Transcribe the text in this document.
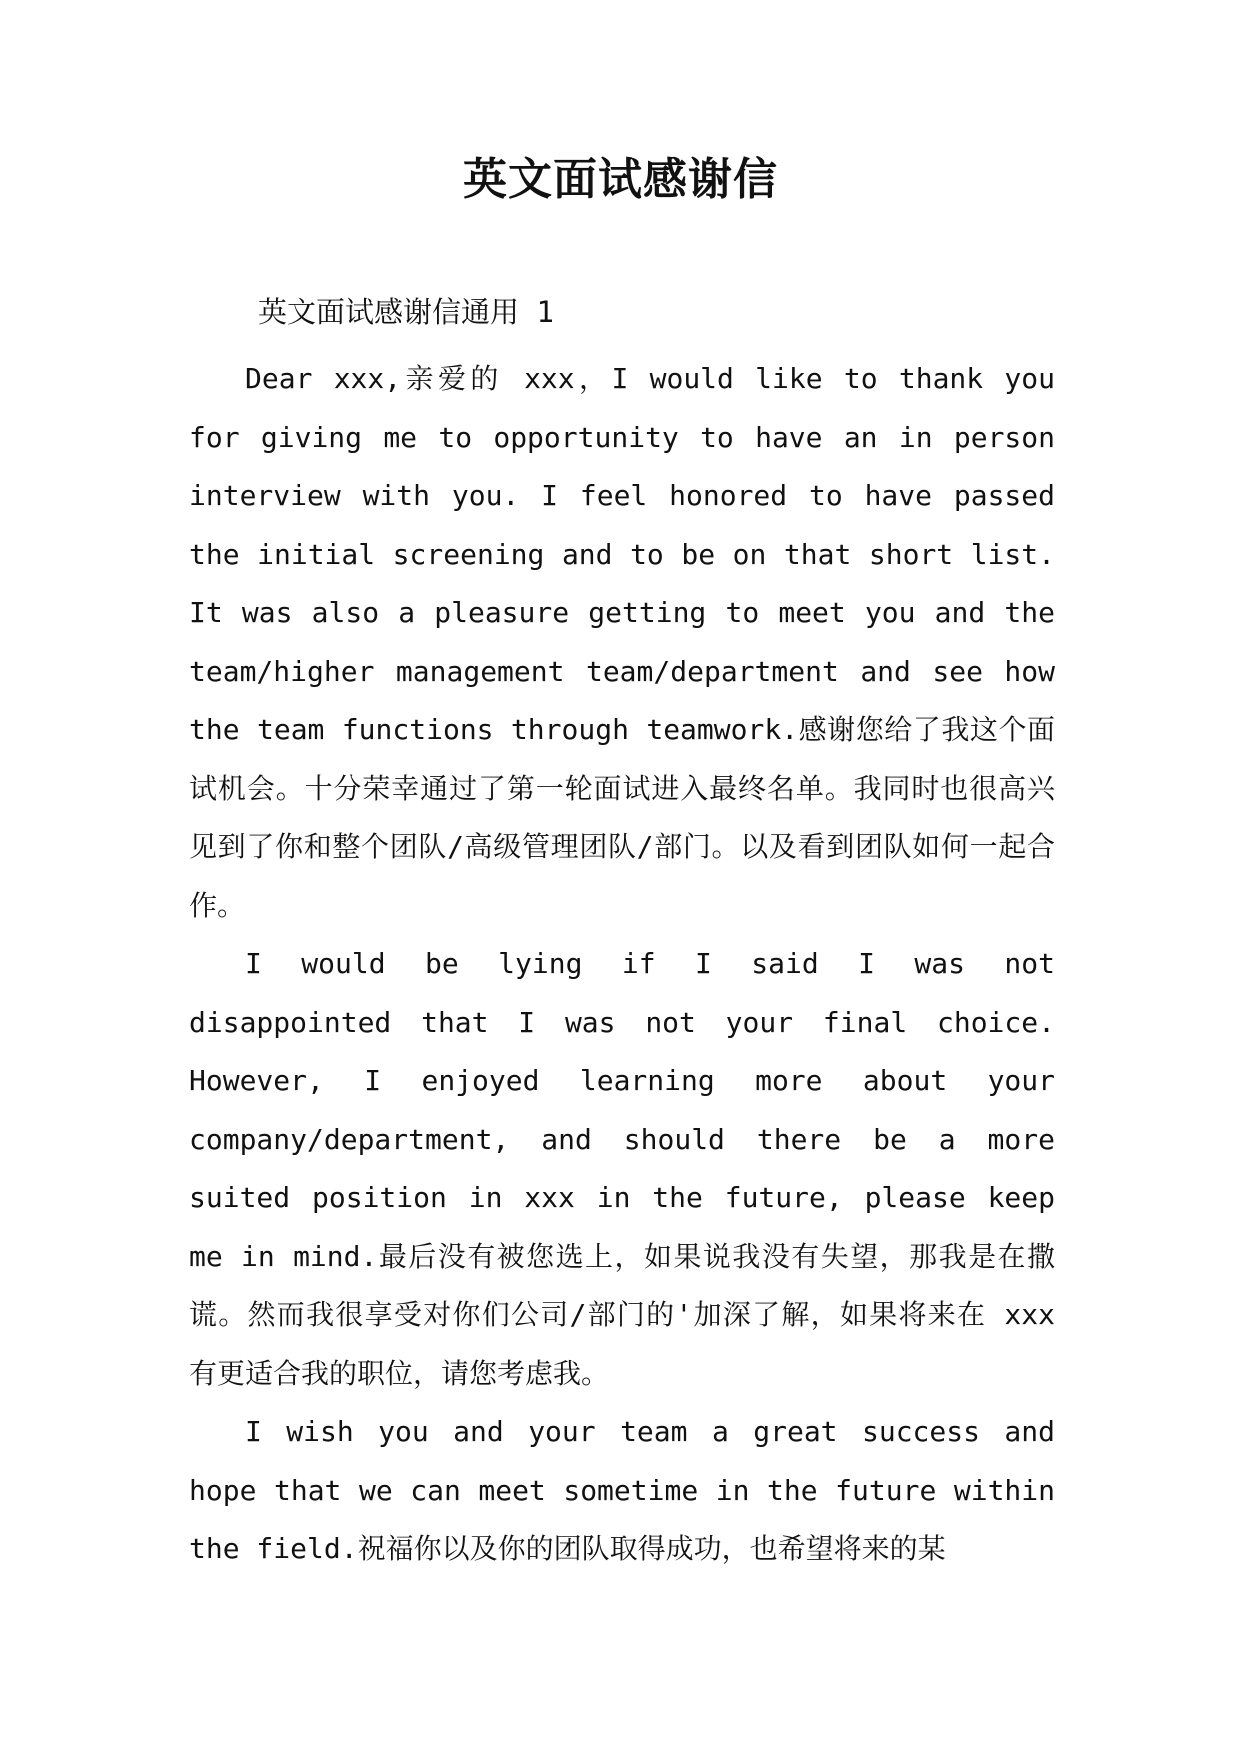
英文面试感谢信
英文面试感谢信通用 1

Dear xxx,亲爱的 xxx，I would like to thank you for giving me to opportunity to have an in person interview with you. I feel honored to have passed the initial screening and to be on that short list. It was also a pleasure getting to meet you and the team/higher management team/department and see how the team functions through teamwork.感谢您给了我这个面试机会。十分荣幸通过了第一轮面试进入最终名单。我同时也很高兴见到了你和整个团队/高级管理团队/部门。以及看到团队如何一起合作。

I would be lying if I said I was not disappointed that I was not your final choice. However, I enjoyed learning more about your company/department, and should there be a more suited position in xxx in the future, please keep me in mind.最后没有被您选上，如果说我没有失望，那我是在撒谎。然而我很享受对你们公司/部门的'加深了解，如果将来在 xxx 有更适合我的职位，请您考虑我。

I wish you and your team a great success and hope that we can meet sometime in the future within the field.祝福你以及你的团队取得成功，也希望将来的某
